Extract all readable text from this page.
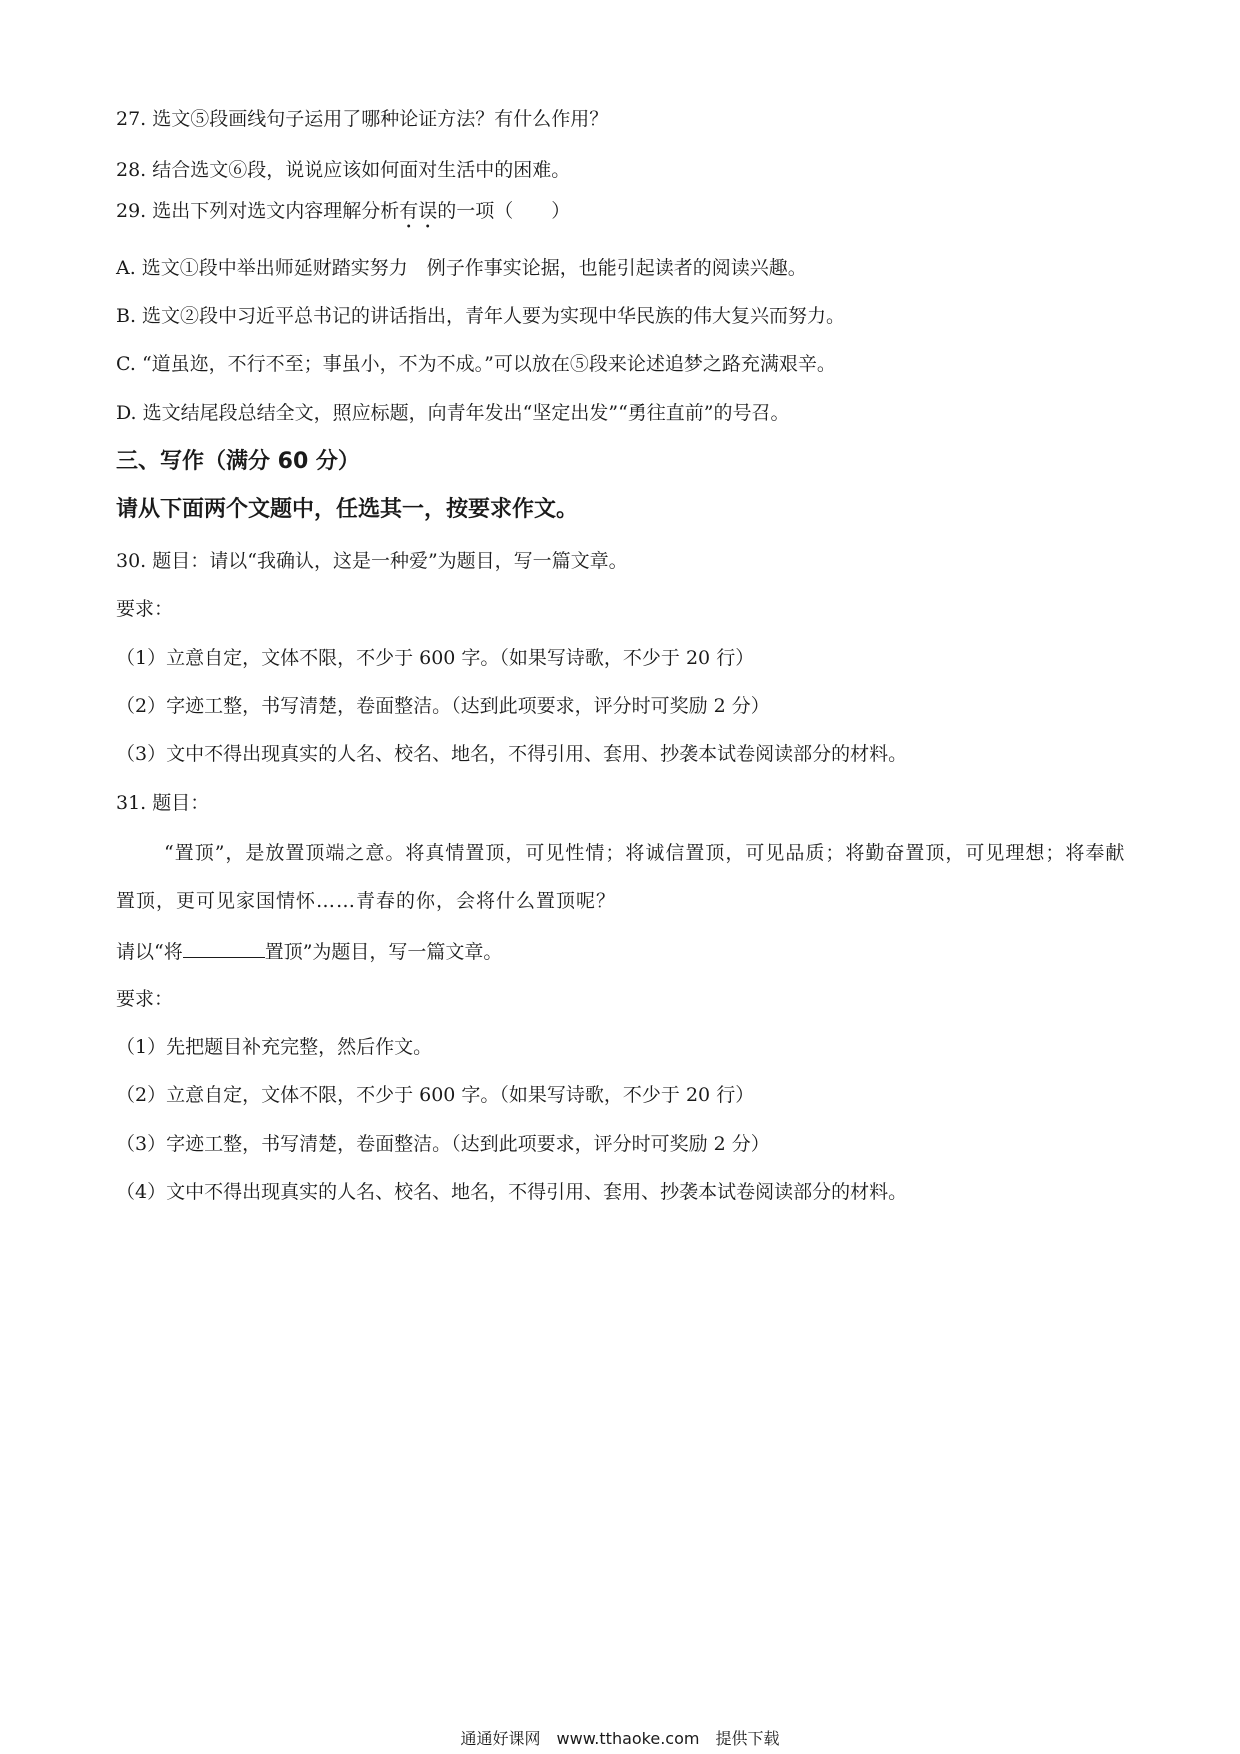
27. 选文⑤段画线句子运用了哪种论证方法？有什么作用？
28. 结合选文⑥段，说说应该如何面对生活中的困难。
29. 选出下列对选文内容理解分析有误的一项（　　）
A. 选文①段中举出师延财踏实努力　例子作事实论据，也能引起读者的阅读兴趣。
B. 选文②段中习近平总书记的讲话指出，青年人要为实现中华民族的伟大复兴而努力。
C. “道虽迩，不行不至；事虽小，不为不成。”可以放在⑤段来论述追梦之路充满艰辛。
D. 选文结尾段总结全文，照应标题，向青年发出“坚定出发”“勇往直前”的号召。
三、写作（满分 60 分）
请从下面两个文题中，任选其一，按要求作文。
30. 题目：请以“我确认，这是一种爱”为题目，写一篇文章。
要求：
（1）立意自定，文体不限，不少于 600 字。（如果写诗歌，不少于 20 行）
（2）字迹工整，书写清楚，卷面整洁。（达到此项要求，评分时可奖励 2 分）
（3）文中不得出现真实的人名、校名、地名，不得引用、套用、抄袭本试卷阅读部分的材料。
31. 题目：
“置顶”，是放置顶端之意。将真情置顶，可见性情；将诚信置顶，可见品质；将勤奋置顶，可见理想；将奉献置顶，更可见家国情怀……青春的你，会将什么置顶呢？
请以“将	置顶”为题目，写一篇文章。
要求：
（1）先把题目补充完整，然后作文。
（2）立意自定，文体不限，不少于 600 字。（如果写诗歌，不少于 20 行）
（3）字迹工整，书写清楚，卷面整洁。（达到此项要求，评分时可奖励 2 分）
（4）文中不得出现真实的人名、校名、地名，不得引用、套用、抄袭本试卷阅读部分的材料。
通通好课网　www.tthaoke.com　提供下载
